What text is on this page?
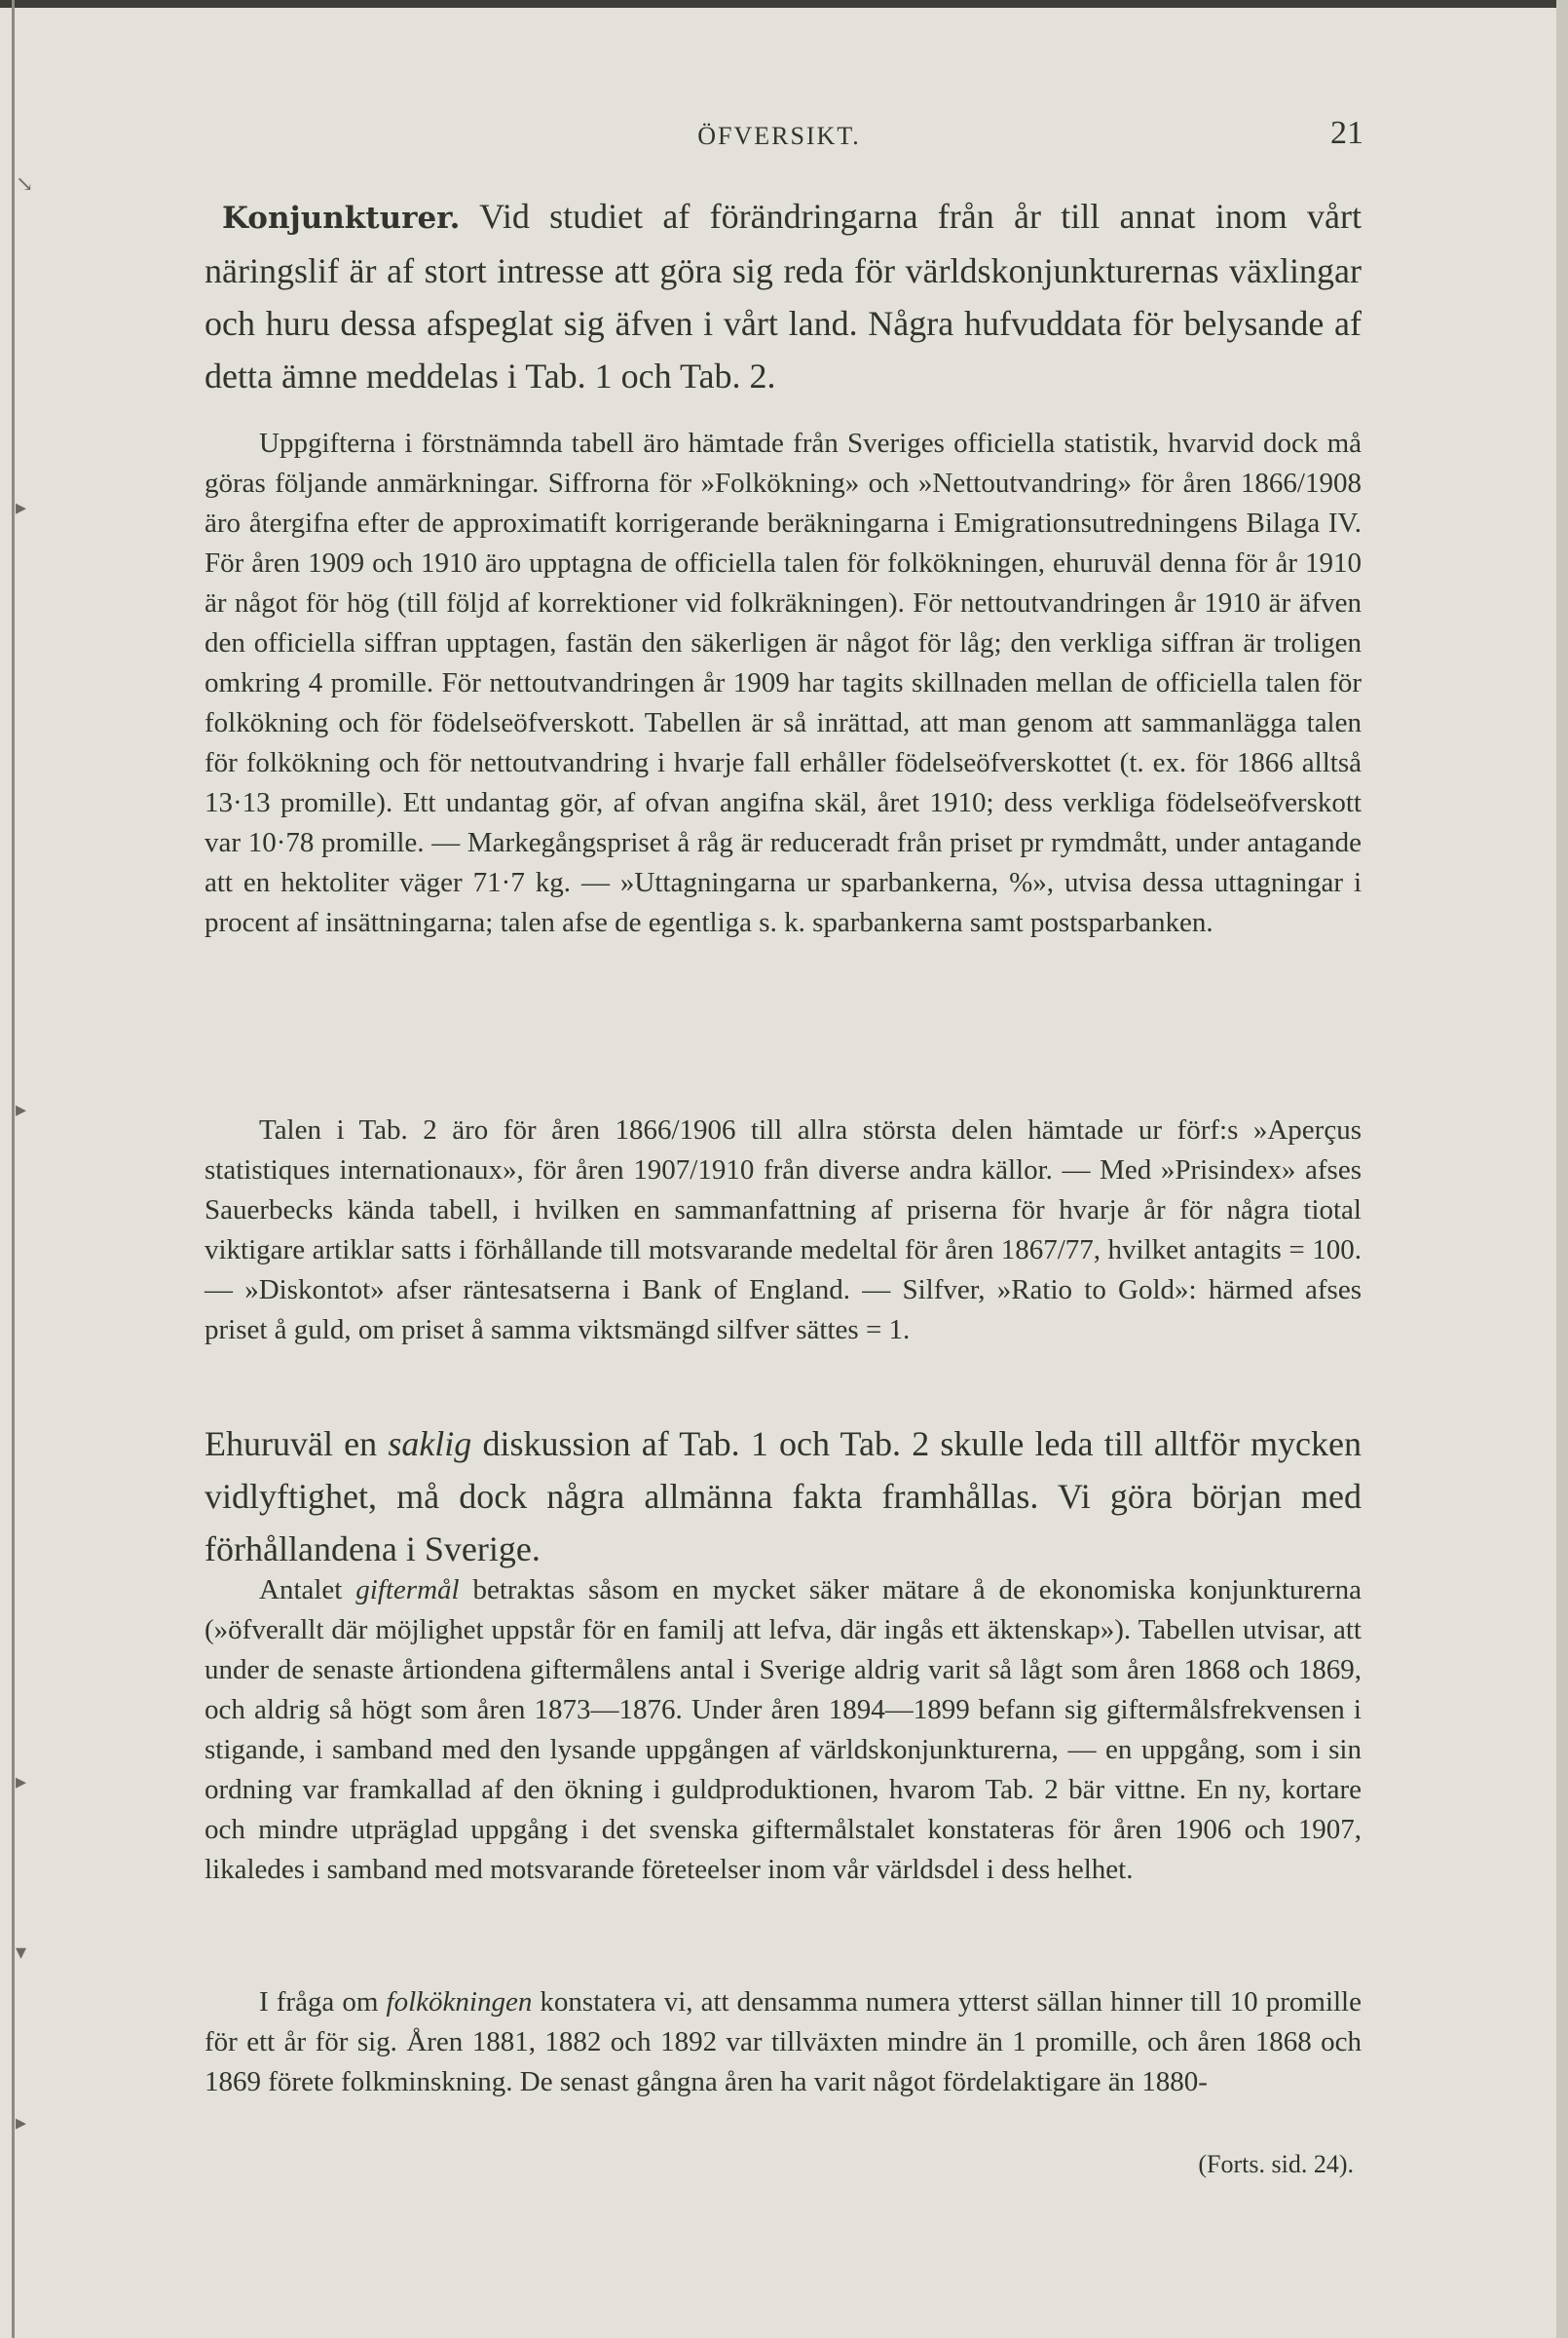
↘
▸
▸
▸
▾
▸
ÖFVERSIKT.	21

Konjunkturer. Vid studiet af förändringarna från år till annat inom vårt näringslif är af stort intresse att göra sig reda för världskonjunkturernas växlingar och huru dessa afspeglat sig äfven i vårt land. Några hufvuddata för belysande af detta ämne meddelas i Tab. 1 och Tab. 2.

Uppgifterna i förstnämnda tabell äro hämtade från Sveriges officiella statistik, hvarvid dock må göras följande anmärkningar. Siffrorna för »Folkökning» och »Nettoutvandring» för åren 1866/1908 äro återgifna efter de approximatift korrigerande beräkningarna i Emigrationsutredningens Bilaga IV. För åren 1909 och 1910 äro upptagna de officiella talen för folkökningen, ehuruväl denna för år 1910 är något för hög (till följd af korrektioner vid folkräkningen). För nettoutvandringen år 1910 är äfven den officiella siffran upptagen, fastän den säkerligen är något för låg; den verkliga siffran är troligen omkring 4 promille. För nettoutvandringen år 1909 har tagits skillnaden mellan de officiella talen för folkökning och för födelseöfverskott. Tabellen är så inrättad, att man genom att sammanlägga talen för folkökning och för nettoutvandring i hvarje fall erhåller födelseöfverskottet (t. ex. för 1866 alltså 13·13 promille). Ett undantag gör, af ofvan angifna skäl, året 1910; dess verkliga födelseöfverskott var 10·78 promille. — Markegångspriset å råg är reduceradt från priset pr rymdmått, under antagande att en hektoliter väger 71·7 kg. — »Uttagningarna ur sparbankerna, %», utvisa dessa uttagningar i procent af insättningarna; talen afse de egentliga s. k. sparbankerna samt postsparbanken.

Talen i Tab. 2 äro för åren 1866/1906 till allra största delen hämtade ur förf:s »Aperçus statistiques internationaux», för åren 1907/1910 från diverse andra källor. — Med »Prisindex» afses Sauerbecks kända tabell, i hvilken en sammanfattning af priserna för hvarje år för några tiotal viktigare artiklar satts i förhållande till motsvarande medeltal för åren 1867/77, hvilket antagits = 100. — »Diskontot» afser räntesatserna i Bank of England. — Silfver, »Ratio to Gold»: härmed afses priset å guld, om priset å samma viktsmängd silfver sättes = 1.

Ehuruväl en saklig diskussion af Tab. 1 och Tab. 2 skulle leda till alltför mycken vidlyftighet, må dock några allmänna fakta framhållas. Vi göra början med förhållandena i Sverige.

Antalet giftermål betraktas såsom en mycket säker mätare å de ekonomiska konjunkturerna (»öfverallt där möjlighet uppstår för en familj att lefva, där ingås ett äktenskap»). Tabellen utvisar, att under de senaste årtiondena giftermålens antal i Sverige aldrig varit så lågt som åren 1868 och 1869, och aldrig så högt som åren 1873—1876. Under åren 1894—1899 befann sig giftermålsfrekvensen i stigande, i samband med den lysande uppgången af världskonjunkturerna, — en uppgång, som i sin ordning var framkallad af den ökning i guldproduktionen, hvarom Tab. 2 bär vittne. En ny, kortare och mindre utpräglad uppgång i det svenska giftermålstalet konstateras för åren 1906 och 1907, likaledes i samband med motsvarande företeelser inom vår världsdel i dess helhet.

I fråga om folkökningen konstatera vi, att densamma numera ytterst sällan hinner till 10 promille för ett år för sig. Åren 1881, 1882 och 1892 var tillväxten mindre än 1 promille, och åren 1868 och 1869 förete folkminskning. De senast gångna åren ha varit något fördelaktigare än 1880-

(Forts. sid. 24).
